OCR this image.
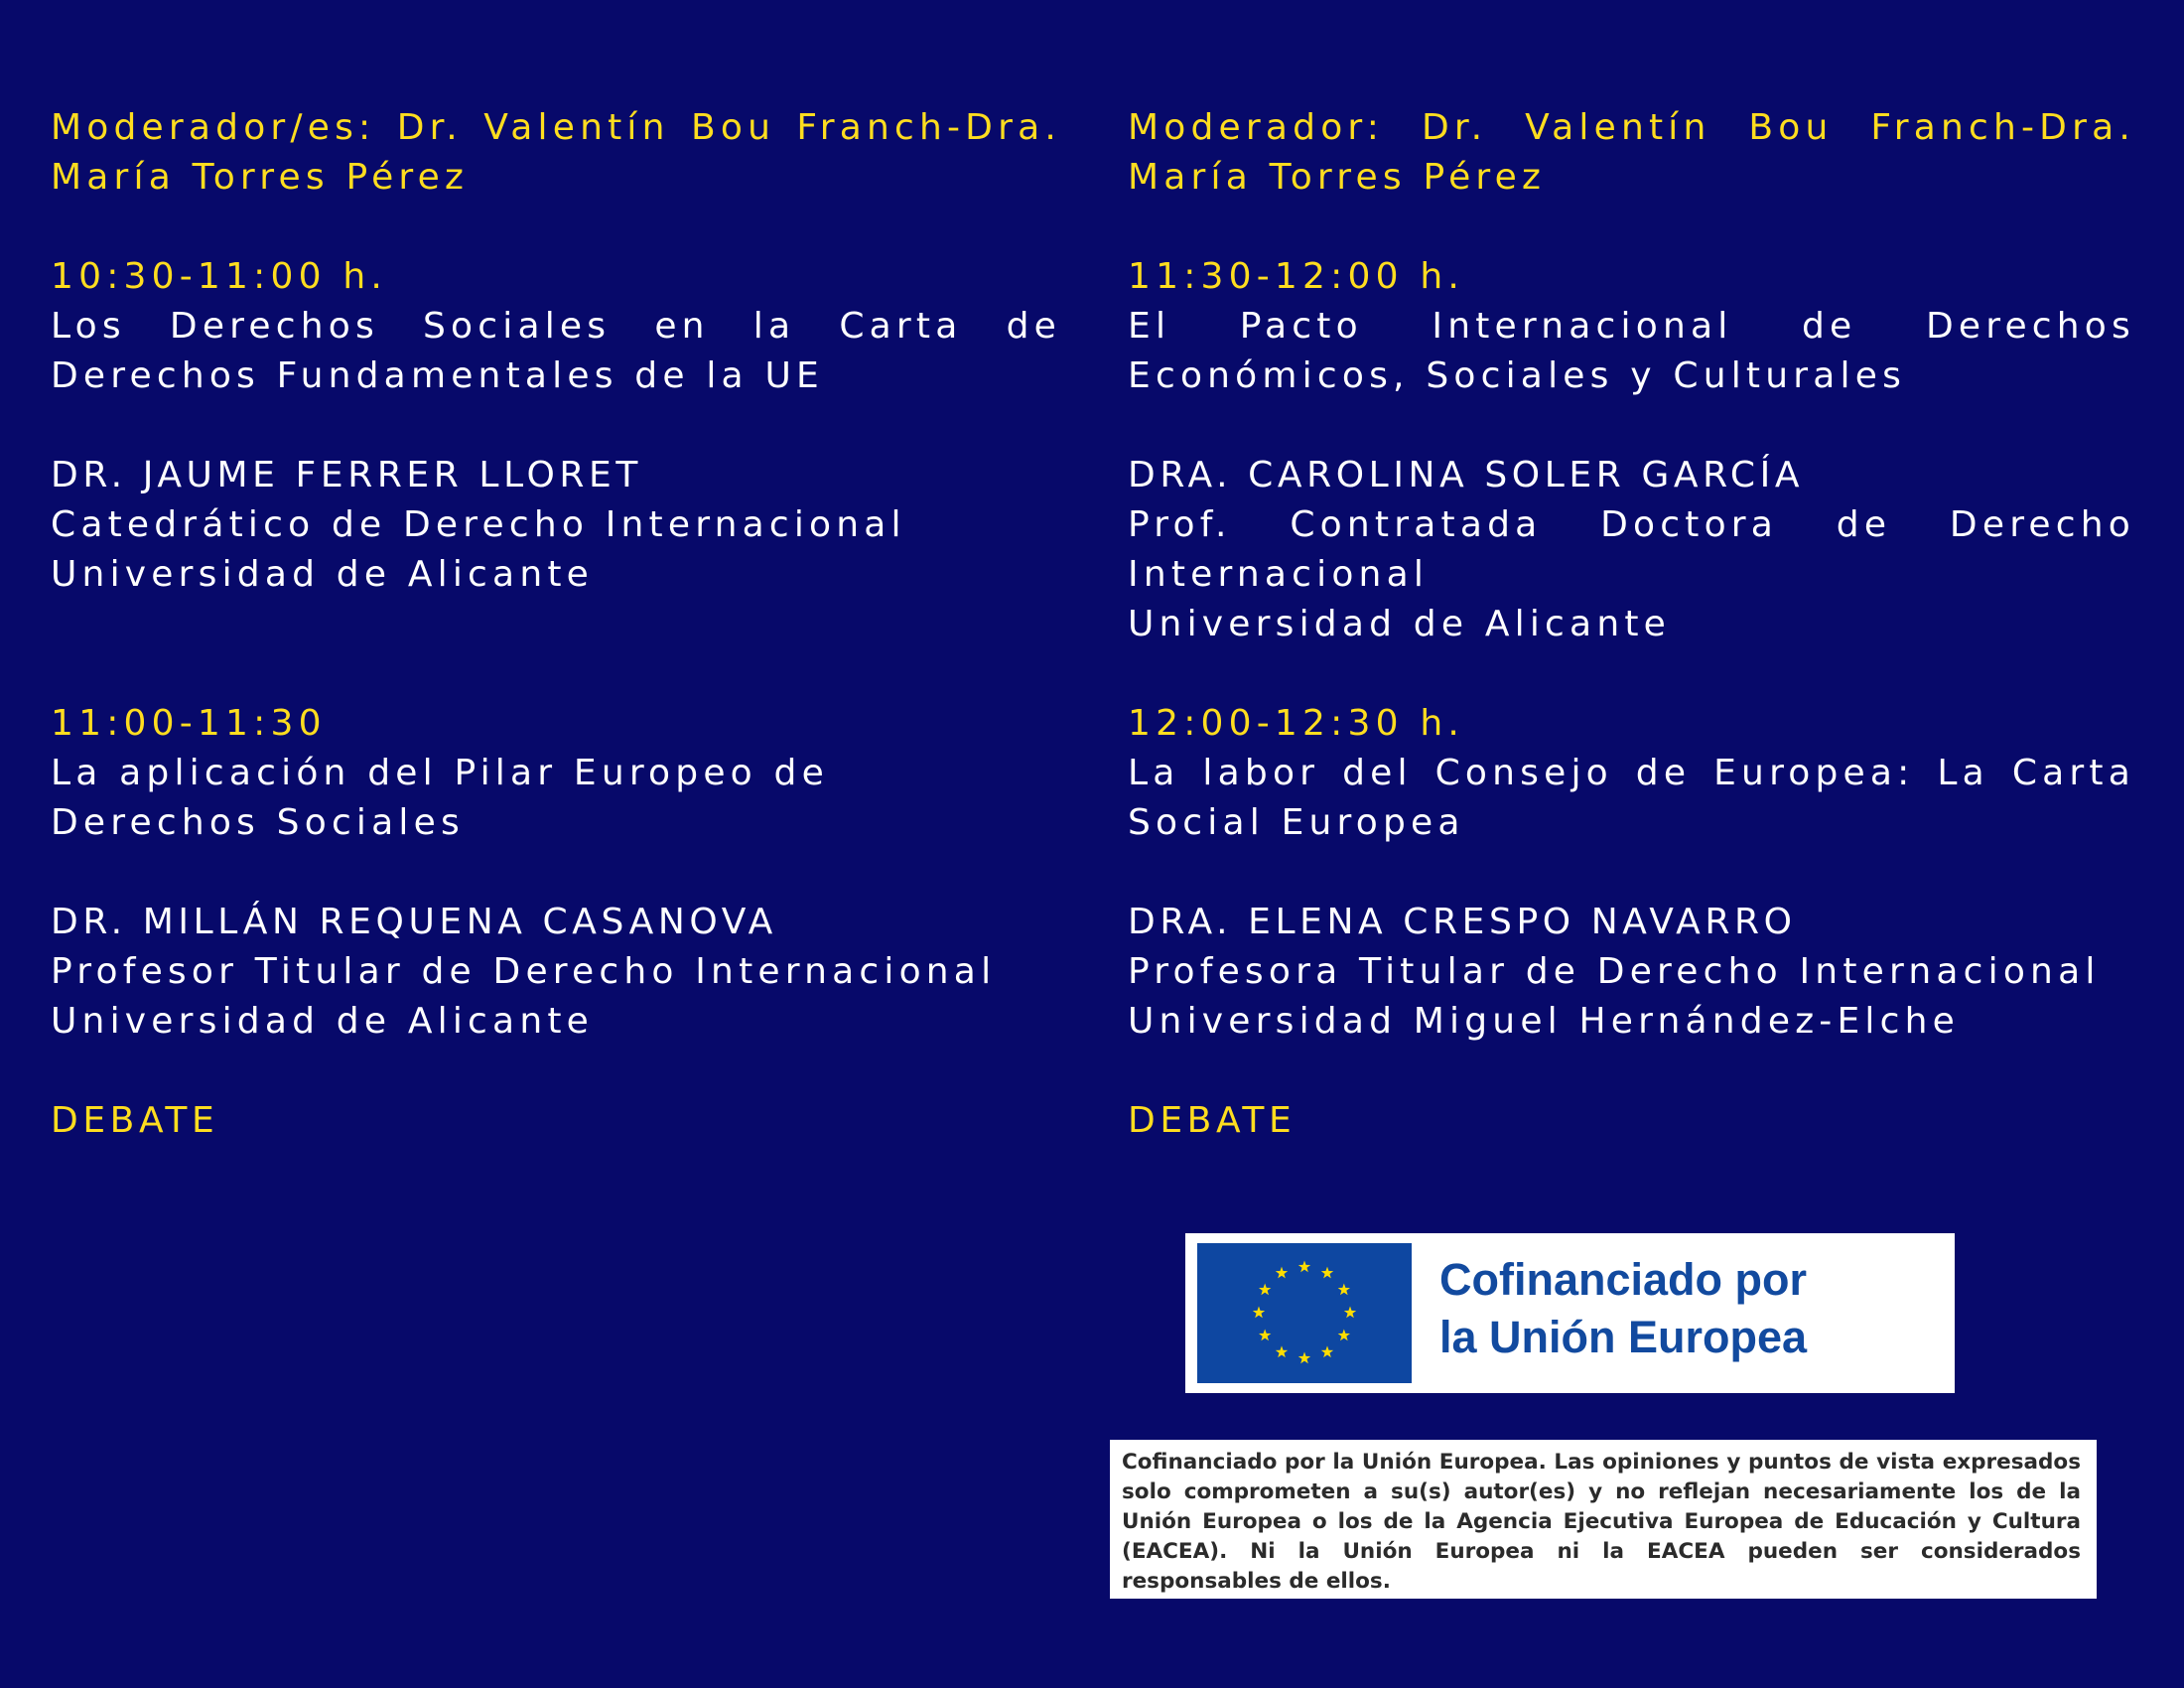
Moderador/es: Dr. Valentín Bou Franch-Dra. María Torres Pérez

10:30-11:00 h.

Los Derechos Sociales en la Carta de Derechos Fundamentales de la UE

DR. JAUME FERRER LLORET

Catedrático de Derecho Internacional

Universidad de Alicante

11:00-11:30

La aplicación del Pilar Europeo de Derechos Sociales

DR. MILLÁN REQUENA CASANOVA

Profesor Titular de Derecho Internacional

Universidad de Alicante

DEBATE

Moderador: Dr. Valentín Bou Franch-Dra. María Torres Pérez

11:30-12:00 h.

El Pacto Internacional de Derechos Económicos, Sociales y Culturales

DRA. CAROLINA SOLER GARCÍA

Prof. Contratada Doctora de Derecho Internacional

Universidad de Alicante

12:00-12:30 h.

La labor del Consejo de Europea: La Carta Social Europea

DRA. ELENA CRESPO NAVARRO

Profesora Titular de Derecho Internacional

Universidad Miguel Hernández-Elche

DEBATE

Cofinanciado por
la Unión Europea
Cofinanciado por la Unión Europea. Las opiniones y puntos de vista expresados solo comprometen a su(s) autor(es) y no reflejan necesariamente los de la Unión Europea o los de la Agencia Ejecutiva Europea de Educación y Cultura (EACEA). Ni la Unión Europea ni la EACEA pueden ser considerados responsables de ellos.
